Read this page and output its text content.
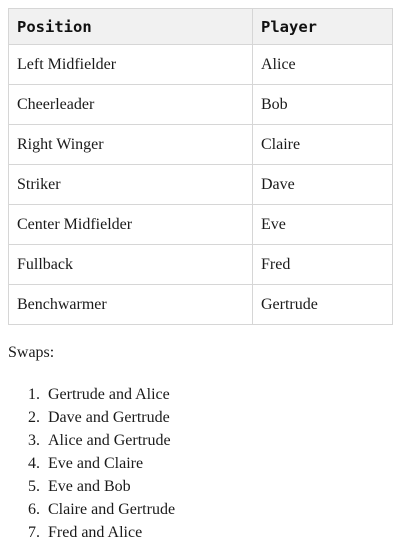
Position	Player
Left Midfielder	Alice
Cheerleader	Bob
Right Winger	Claire
Striker	Dave
Center Midfielder	Eve
Fullback	Fred
Benchwarmer	Gertrude

Swaps:

1. Gertrude and Alice
2. Dave and Gertrude
3. Alice and Gertrude
4. Eve and Claire
5. Eve and Bob
6. Claire and Gertrude
7. Fred and Alice
